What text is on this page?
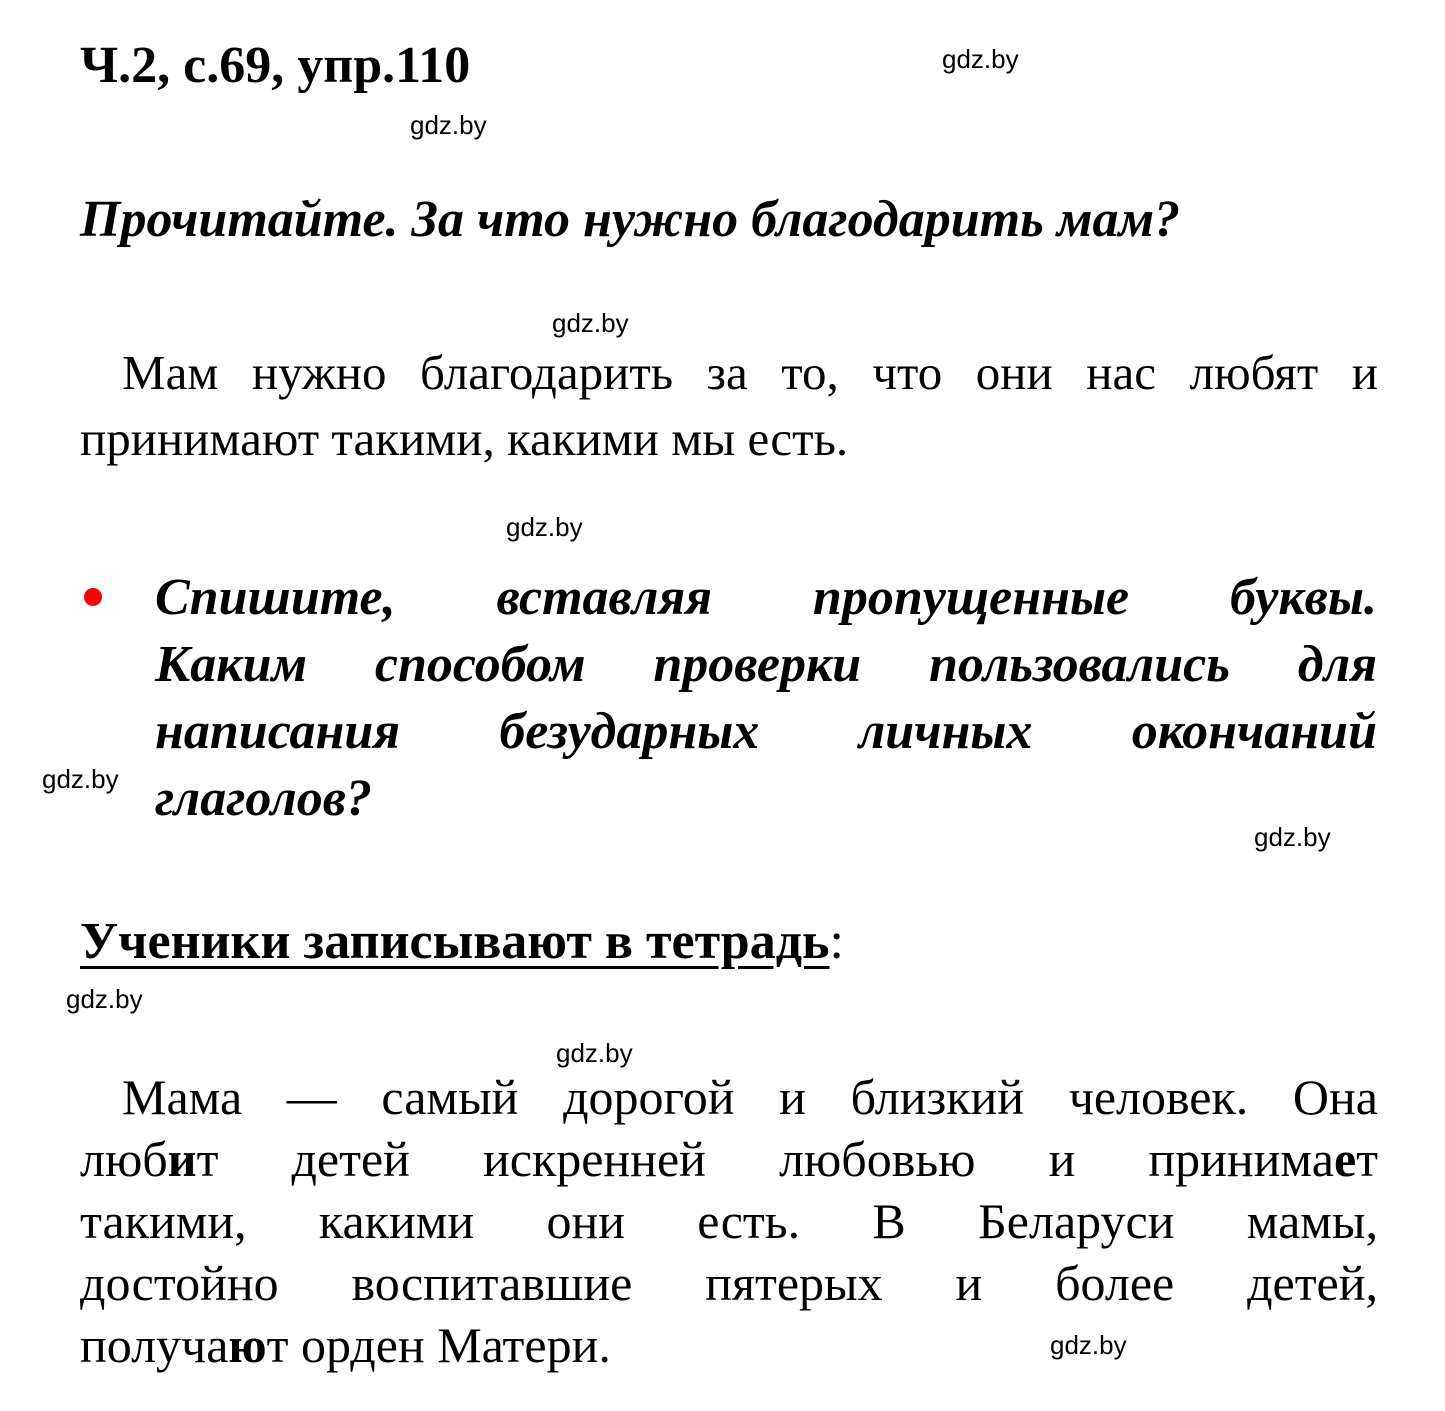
Ч.2, с.69, упр.110	gdz.by
gdz.by
Прочитайте. За что нужно благодарить мам?
gdz.by
Мам нужно благодарить за то, что они нас любят и
принимают такими, какими мы есть.
gdz.by
Спишите, вставляя пропущенные буквы.
Каким способом проверки пользовались для
написания безударных личных окончаний
глаголов?
gdz.by
gdz.by
Ученики записывают в тетрадь:
gdz.by
gdz.by
Мама — самый дорогой и близкий человек. Она
любит детей искренней любовью и принимает
такими, какими они есть. В Беларуси мамы,
достойно воспитавшие пятерых и более детей,
получают орден Матери.	gdz.by
